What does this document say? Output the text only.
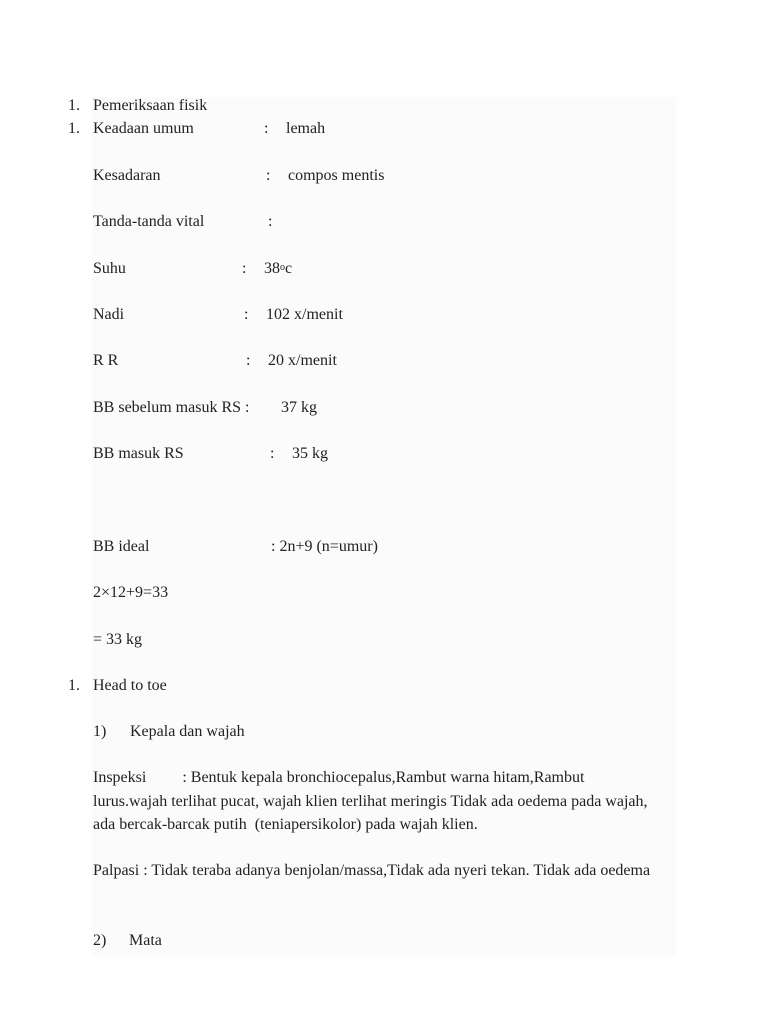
1. Pemeriksaan fisik
1. Keadaan umum	: lemah
Kesadaran	: compos mentis
Tanda-tanda vital	:
Suhu	: 38$^o$c
Nadi	: 102 x/menit
R R	: 20 x/menit
BB sebelum masuk RS : 37 kg
BB masuk RS	: 35 kg
BB ideal	: 2n+9 (n=umur)
2×12+9=33
= 33 kg
1. Head to toe
1) Kepala dan wajah
Inspeksi         : Bentuk kepala bronchiocepalus,Rambut warna hitam,Rambut lurus.wajah terlihat pucat, wajah klien terlihat meringis Tidak ada oedema pada wajah, ada bercak-barcak putih  (teniapersikolor) pada wajah klien.
Palpasi : Tidak teraba adanya benjolan/massa,Tidak ada nyeri tekan. Tidak ada oedema
2) Mata
